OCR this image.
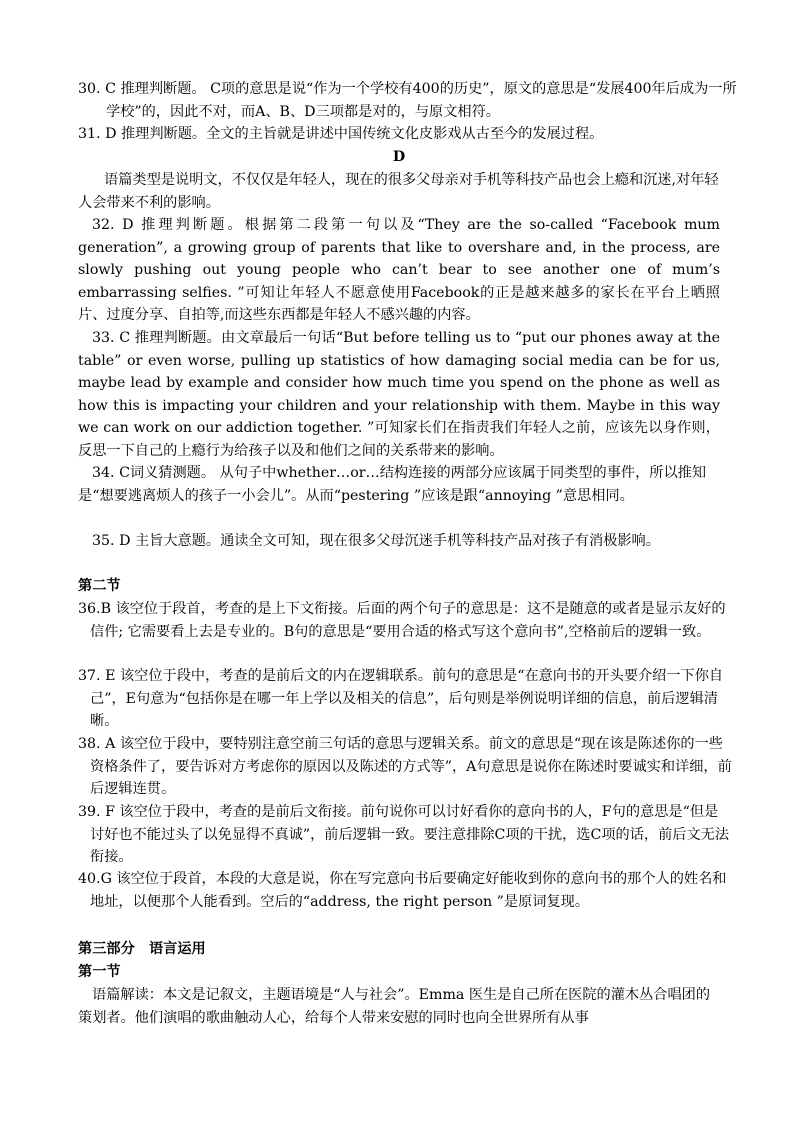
30. C 推理判断题。 C项的意思是说“作为一个学校有400的历史”，原文的意思是“发展400年后成为一所学校”的，因此不对，而A、B、D三项都是对的，与原文相符。

31. D 推理判断题。全文的主旨就是讲述中国传统文化皮影戏从古至今的发展过程。

D

语篇类型是说明文，不仅仅是年轻人，现在的很多父母亲对手机等科技产品也会上瘾和沉迷,对年轻人会带来不利的影响。

32. D 推理判断题。根据第二段第一句以及“They are the so-called “Facebook mum generation”, a growing group of parents that like to overshare and, in the process, are slowly pushing out young people who can’t bear to see another one of mum’s embarrassing selfies. ”可知让年轻人不愿意使用Facebook的正是越来越多的家长在平台上晒照片、过度分享、自拍等,而这些东西都是年轻人不感兴趣的内容。

33. C 推理判断题。由文章最后一句话“But before telling us to “put our phones away at the table” or even worse, pulling up statistics of how damaging social media can be for us, maybe lead by example and consider how much time you spend on the phone as well as how this is impacting your children and your relationship with them. Maybe in this way we can work on our addiction together. ”可知家长们在指责我们年轻人之前，应该先以身作则，反思一下自己的上瘾行为给孩子以及和他们之间的关系带来的影响。

34. C词义猜测题。 从句子中whether…or…结构连接的两部分应该属于同类型的事件，所以推知是“想要逃离烦人的孩子一小会儿”。从而“pestering ”应该是跟“annoying ”意思相同。

35. D 主旨大意题。通读全文可知，现在很多父母沉迷手机等科技产品对孩子有消极影响。

第二节

36.B 该空位于段首，考查的是上下文衔接。后面的两个句子的意思是：这不是随意的或者是显示友好的信件; 它需要看上去是专业的。B句的意思是“要用合适的格式写这个意向书”,空格前后的逻辑一致。

37. E 该空位于段中，考查的是前后文的内在逻辑联系。前句的意思是“在意向书的开头要介绍一下你自己”，E句意为“包括你是在哪一年上学以及相关的信息”，后句则是举例说明详细的信息，前后逻辑清晰。

38. A 该空位于段中，要特别注意空前三句话的意思与逻辑关系。前文的意思是“现在该是陈述你的一些资格条件了，要告诉对方考虑你的原因以及陈述的方式等”，A句意思是说你在陈述时要诚实和详细，前后逻辑连贯。

39. F 该空位于段中，考查的是前后文衔接。前句说你可以讨好看你的意向书的人，F句的意思是“但是讨好也不能过头了以免显得不真诚”，前后逻辑一致。要注意排除C项的干扰，选C项的话，前后文无法衔接。

40.G 该空位于段首，本段的大意是说，你在写完意向书后要确定好能收到你的意向书的那个人的姓名和地址，以便那个人能看到。空后的“address, the right person ”是原词复现。

第三部分　语言运用

第一节

语篇解读：本文是记叙文，主题语境是“人与社会”。Emma 医生是自己所在医院的灌木丛合唱团的策划者。他们演唱的歌曲触动人心，给每个人带来安慰的同时也向全世界所有从事
